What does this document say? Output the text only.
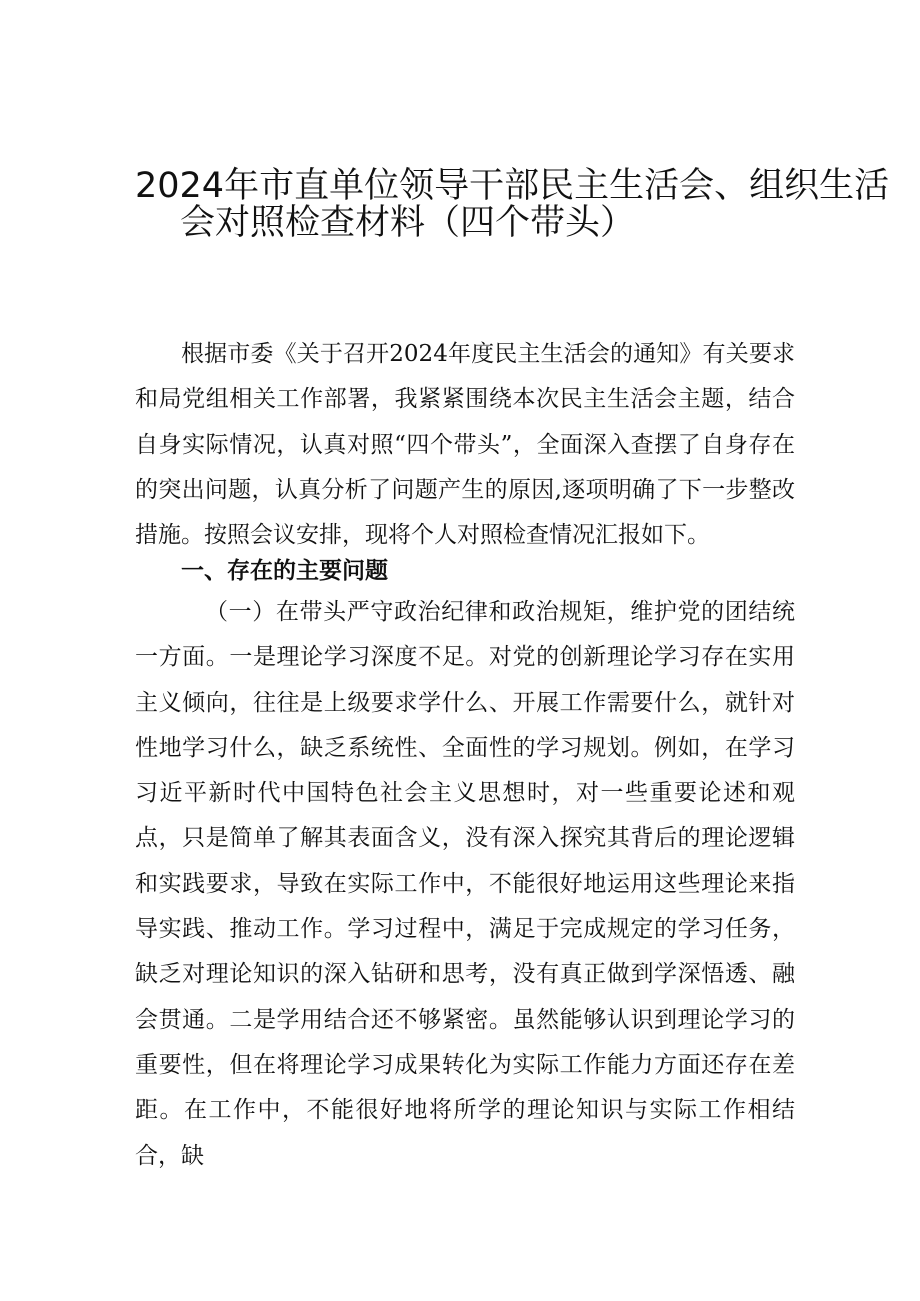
2024年市直单位领导干部民主生活会、组织生活
会对照检查材料（四个带头）

根据市委《关于召开2024年度民主生活会的通知》有关要求和局党组相关工作部署，我紧紧围绕本次民主生活会主题，结合自身实际情况，认真对照“四个带头”，全面深入查摆了自身存在的突出问题，认真分析了问题产生的原因,逐项明确了下一步整改措施。按照会议安排，现将个人对照检查情况汇报如下。

一、存在的主要问题

（一）在带头严守政治纪律和政治规矩，维护党的团结统一方面。一是理论学习深度不足。对党的创新理论学习存在实用主义倾向，往往是上级要求学什么、开展工作需要什么，就针对性地学习什么，缺乏系统性、全面性的学习规划。例如，在学习习近平新时代中国特色社会主义思想时，对一些重要论述和观点，只是简单了解其表面含义，没有深入探究其背后的理论逻辑和实践要求，导致在实际工作中，不能很好地运用这些理论来指导实践、推动工作。学习过程中，满足于完成规定的学习任务，缺乏对理论知识的深入钻研和思考，没有真正做到学深悟透、融会贯通。二是学用结合还不够紧密。虽然能够认识到理论学习的重要性，但在将理论学习成果转化为实际工作能力方面还存在差距。在工作中，不能很好地将所学的理论知识与实际工作相结合，缺
